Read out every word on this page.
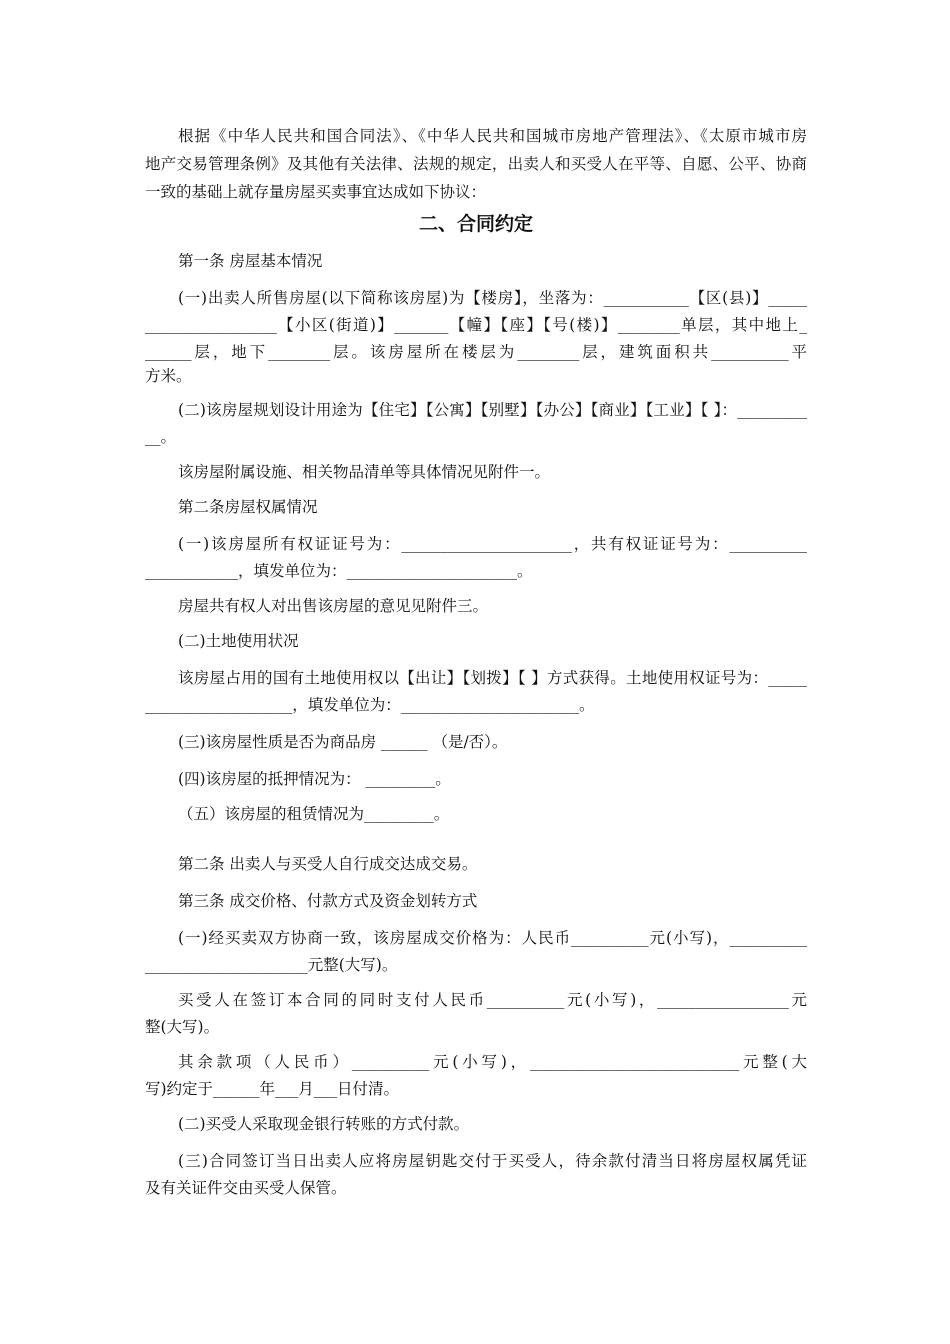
根据《中华人民共和国合同法》、《中华人民共和国城市房地产管理法》、《太原市城市房
地产交易管理条例》及其他有关法律、法规的规定，出卖人和买受人在平等、自愿、公平、协商
一致的基础上就存量房屋买卖事宜达成如下协议：
二、合同约定
第一条 房屋基本情况
(一)出卖人所售房屋(以下简称该房屋)为【楼房】，坐落为：___________【区(县)】_____
_________________【小区(街道)】_______【幢】【座】【号(楼)】________单层，其中地上_
______层，地下________层。该房屋所在楼层为________层，建筑面积共__________平
方米。
(二)该房屋规划设计用途为【住宅】【公寓】【别墅】【办公】【商业】【工业】【 】：_________
__。
该房屋附属设施、相关物品清单等具体情况见附件一。
第二条房屋权属情况
(一)该房屋所有权证证号为：______________________，共有权证证号为：__________
____________，填发单位为：______________________。
房屋共有权人对出售该房屋的意见见附件三。
(二)土地使用状况
该房屋占用的国有土地使用权以【出让】【划拨】【 】方式获得。土地使用权证号为：_____
___________________，填发单位为：_______________________。
(三)该房屋性质是否为商品房 ______ （是/否）。
(四)该房屋的抵押情况为： _________。
（五）该房屋的租赁情况为_________。
第二条 出卖人与买受人自行成交达成交易。
第三条 成交价格、付款方式及资金划转方式
(一)经买卖双方协商一致，该房屋成交价格为：人民币__________元(小写)，__________
_____________________元整(大写)。
买受人在签订本合同的同时支付人民币__________元(小写)，_________________元
整(大写)。
其余款项（人民币）__________元(小写)，___________________________元整(大
写)约定于______年___月___日付清。
(二)买受人采取现金银行转账的方式付款。
(三)合同签订当日出卖人应将房屋钥匙交付于买受人，待余款付清当日将房屋权属凭证
及有关证件交由买受人保管。
